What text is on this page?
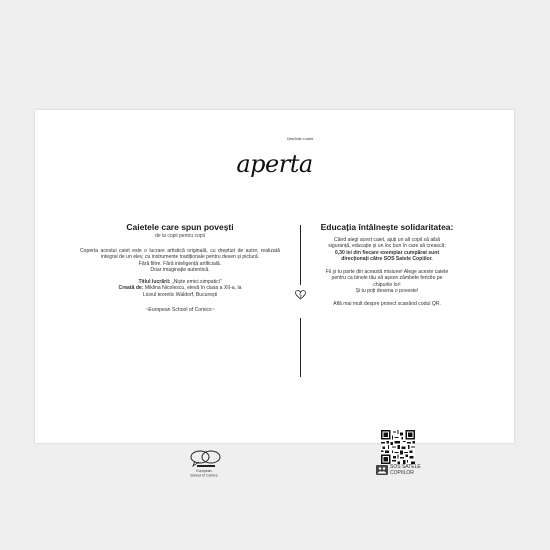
aperta
Deschide o carte
Caietele care spun povești
de la copii pentru copii
Coperta acestui caiet este o lucrare artistică originală, cu drepturi de autor, realizată integral de un elev, cu instrumente tradiționale pentru desen și pictură.
Fără filtre. Fără inteligență artificială.
Doar imaginație autentică.
Titlul lucrării: „Niște emici simpatici”
Creată de: Miklina Nicolescu, elevă în clasa a XII-a, la
Liceul teoretic Waldorf, București
~European School of Comics~
European
School of Comics
Educația întâlnește solidaritatea:
Când alegi acest caiet, ajuți un alt copil să aibă
siguranță, educație și un loc bun în care să crească:
0,30 lei din fiecare exemplar cumpărat sunt
direcționați către SOS Satele Copiilor.
Fii și tu parte din această misiune! Alege aceste caiete
pentru ca binele tău să așeze zâmbete fericite pe
chipurile lor!
Și tu poți desena o poveste!
Află mai mult despre proiect scanând codul QR.
SOS SATELE
COPIILOR
